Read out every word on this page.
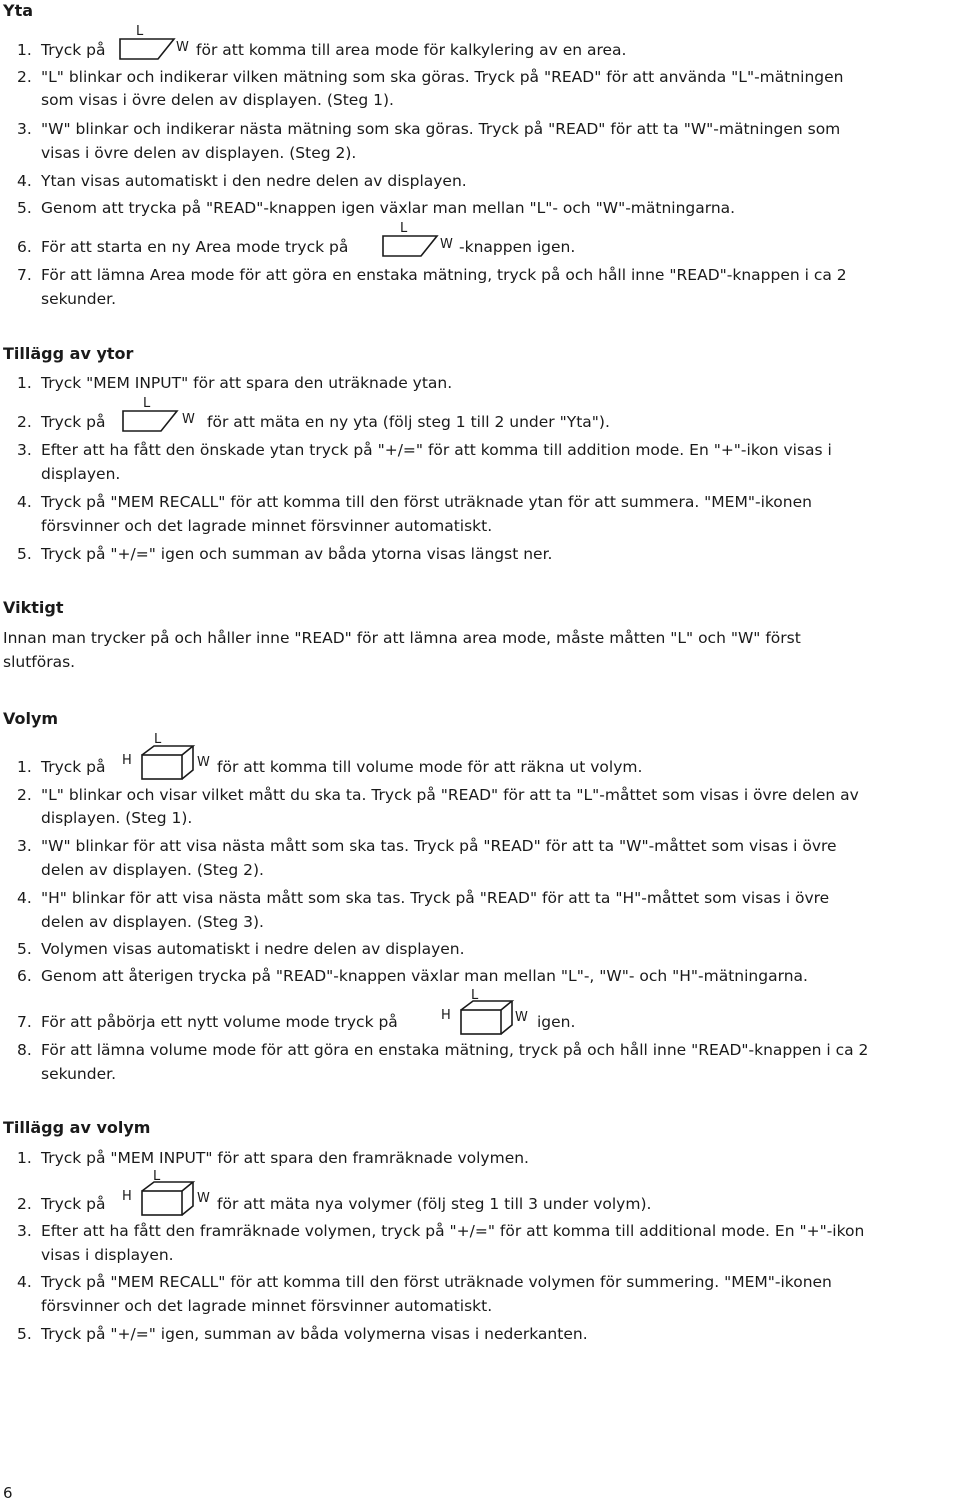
Yta
1. Tryck på
L
W för att komma till area mode för kalkylering av en area.
2. "L" blinkar och indikerar vilken mätning som ska göras. Tryck på "READ" för att använda "L"-mätningen
som visas i övre delen av displayen. (Steg 1).
3. "W" blinkar och indikerar nästa mätning som ska göras. Tryck på "READ" för att ta "W"-mätningen som
visas i övre delen av displayen. (Steg 2).
4. Ytan visas automatiskt i den nedre delen av displayen.
5. Genom att trycka på "READ"-knappen igen växlar man mellan "L"- och "W"-mätningarna.
6. För att starta en ny Area mode tryck på
L
W -knappen igen.
7. För att lämna Area mode för att göra en enstaka mätning, tryck på och håll inne "READ"-knappen i ca 2
sekunder.
Tillägg av ytor
1. Tryck "MEM INPUT" för att spara den uträknade ytan.
2. Tryck på
L
W för att mäta en ny yta (följ steg 1 till 2 under "Yta").
3. Efter att ha fått den önskade ytan tryck på "+/=" för att komma till addition mode. En "+"-ikon visas i
displayen.
4. Tryck på "MEM RECALL" för att komma till den först uträknade ytan för att summera. "MEM"-ikonen
försvinner och det lagrade minnet försvinner automatiskt.
5. Tryck på "+/=" igen och summan av båda ytorna visas längst ner.
Viktigt
Innan man trycker på och håller inne "READ" för att lämna area mode, måste måtten "L" och "W" först
slutföras.
Volym
1. Tryck på H
L
W för att komma till volume mode för att räkna ut volym.
2. "L" blinkar och visar vilket mått du ska ta. Tryck på "READ" för att ta "L"-måttet som visas i övre delen av
displayen. (Steg 1).
3. "W" blinkar för att visa nästa mått som ska tas. Tryck på "READ" för att ta "W"-måttet som visas i övre
delen av displayen. (Steg 2).
4. "H" blinkar för att visa nästa mått som ska tas. Tryck på "READ" för att ta "H"-måttet som visas i övre
delen av displayen. (Steg 3).
5. Volymen visas automatiskt i nedre delen av displayen.
6. Genom att återigen trycka på "READ"-knappen växlar man mellan "L"-, "W"- och "H"-mätningarna.
7. För att påbörja ett nytt volume mode tryck på	H
L
W igen.
8. För att lämna volume mode för att göra en enstaka mätning, tryck på och håll inne "READ"-knappen i ca 2
sekunder.
Tillägg av volym
1. Tryck på "MEM INPUT" för att spara den framräknade volymen.
2. Tryck på H
L
W för att mäta nya volymer (följ steg 1 till 3 under volym).
3. Efter att ha fått den framräknade volymen, tryck på "+/=" för att komma till additional mode. En "+"-ikon
visas i displayen.
4. Tryck på "MEM RECALL" för att komma till den först uträknade volymen för summering. "MEM"-ikonen
försvinner och det lagrade minnet försvinner automatiskt.
5. Tryck på "+/=" igen, summan av båda volymerna visas i nederkanten.
6
